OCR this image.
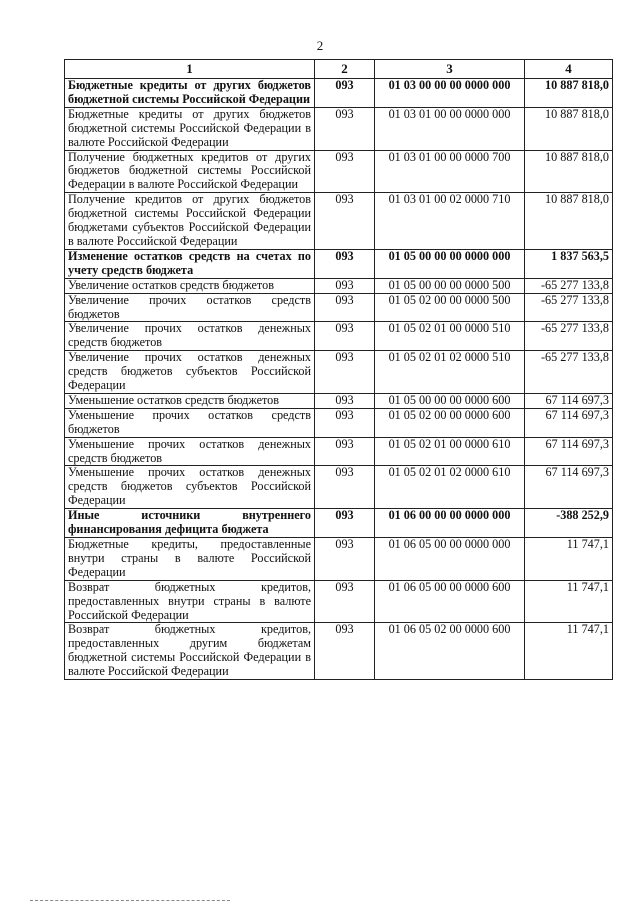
2
1	2	3	4
Бюджетные кредиты от других бюджетов бюджетной системы Российской Федерации	093	01 03 00 00 00 0000 000	10 887 818,0
Бюджетные кредиты от других бюджетов бюджетной системы Российской Федерации в валюте Российской Федерации	093	01 03 01 00 00 0000 000	10 887 818,0
Получение бюджетных кредитов от других бюджетов бюджетной системы Российской Федерации в валюте Российской Федерации	093	01 03 01 00 00 0000 700	10 887 818,0
Получение кредитов от других бюджетов бюджетной системы Российской Федерации бюджетами субъектов Российской Федерации в валюте Российской Федерации	093	01 03 01 00 02 0000 710	10 887 818,0
Изменение остатков средств на счетах по учету средств бюджета	093	01 05 00 00 00 0000 000	1 837 563,5
Увеличение остатков средств бюджетов	093	01 05 00 00 00 0000 500	-65 277 133,8
Увеличение прочих остатков средств бюджетов	093	01 05 02 00 00 0000 500	-65 277 133,8
Увеличение прочих остатков денежных средств бюджетов	093	01 05 02 01 00 0000 510	-65 277 133,8
Увеличение прочих остатков денежных средств бюджетов субъектов Российской Федерации	093	01 05 02 01 02 0000 510	-65 277 133,8
Уменьшение остатков средств бюджетов	093	01 05 00 00 00 0000 600	67 114 697,3
Уменьшение прочих остатков средств бюджетов	093	01 05 02 00 00 0000 600	67 114 697,3
Уменьшение прочих остатков денежных средств бюджетов	093	01 05 02 01 00 0000 610	67 114 697,3
Уменьшение прочих остатков денежных средств бюджетов субъектов Российской Федерации	093	01 05 02 01 02 0000 610	67 114 697,3
Иные источники внутреннего финансирования дефицита бюджета	093	01 06 00 00 00 0000 000	-388 252,9
Бюджетные кредиты, предоставленные внутри страны в валюте Российской Федерации	093	01 06 05 00 00 0000 000	11 747,1
Возврат бюджетных кредитов, предоставленных внутри страны в валюте Российской Федерации	093	01 06 05 00 00 0000 600	11 747,1
Возврат бюджетных кредитов, предоставленных другим бюджетам бюджетной системы Российской Федерации в валюте Российской Федерации	093	01 06 05 02 00 0000 600	11 747,1
